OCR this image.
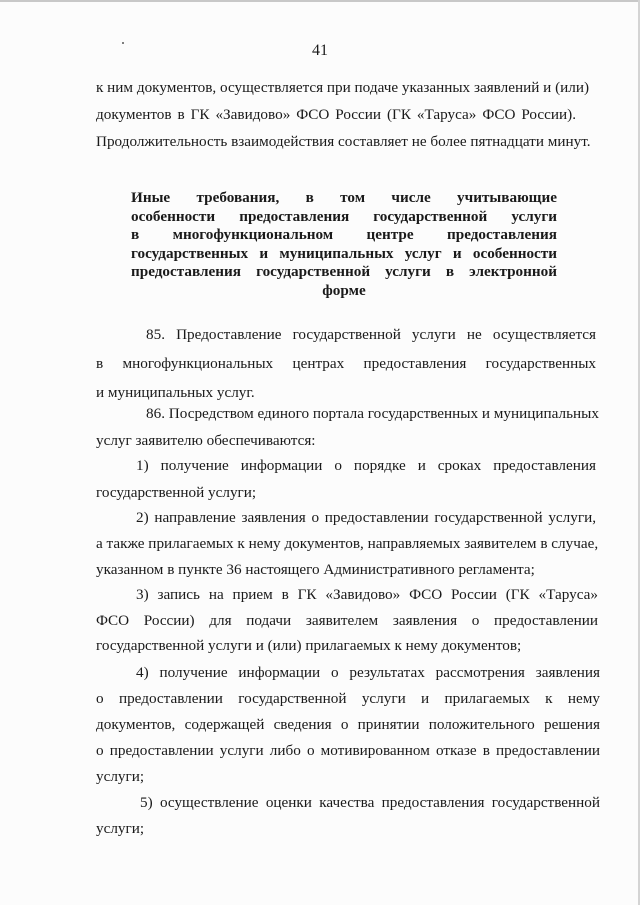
41
к ним документов, осуществляется при подаче указанных заявлений и (или)
документов в ГК «Завидово» ФСО России (ГК «Таруса» ФСО России).
Продолжительность взаимодействия составляет не более пятнадцати минут.
Иные требования, в том числе учитывающие
особенности предоставления государственной услуги
в многофункциональном центре предоставления
государственных и муниципальных услуг и особенности
предоставления государственной услуги в электронной
форме
85. Предоставление государственной услуги не осуществляется
в многофункциональных центрах предоставления государственных
и муниципальных услуг.
86. Посредством единого портала государственных и муниципальных
услуг заявителю обеспечиваются:
1) получение информации о порядке и сроках предоставления
государственной услуги;
2) направление заявления о предоставлении государственной услуги,
а также прилагаемых к нему документов, направляемых заявителем в случае,
указанном в пункте 36 настоящего Административного регламента;
3) запись на прием в ГК «Завидово» ФСО России (ГК «Таруса»
ФСО России) для подачи заявителем заявления о предоставлении
государственной услуги и (или) прилагаемых к нему документов;
4) получение информации о результатах рассмотрения заявления
о предоставлении государственной услуги и прилагаемых к нему
документов, содержащей сведения о принятии положительного решения
о предоставлении услуги либо о мотивированном отказе в предоставлении
услуги;
5) осуществление оценки качества предоставления государственной
услуги;
